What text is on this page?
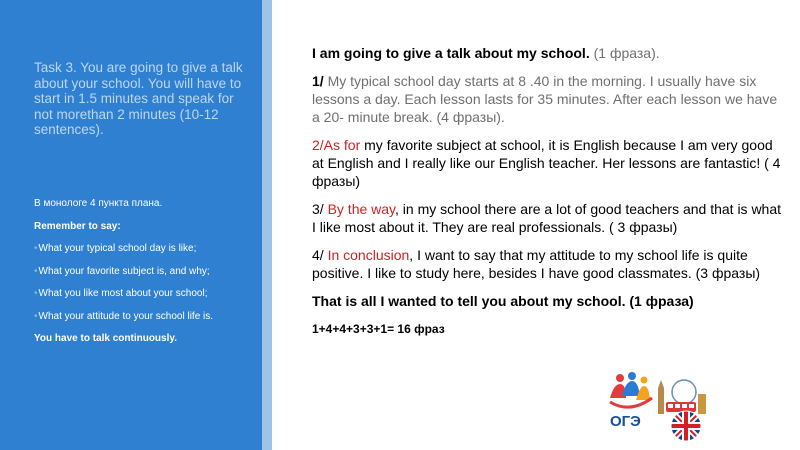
Task 3. You are going to give a talk about your school. You will have to start in 1.5 minutes and speak for not morethan 2 minutes (10-12 sentences).

В монологе 4 пункта плана.

Remember to say:

•What your typical school day is like;

•What your favorite subject is, and why;

•What you like most about your school;

•What your attitude to your school life is.

You have to talk continuously.

I am going to give a talk about my school. (1 фраза).

1/ My typical school day starts at 8 .40 in the morning. I usually have six lessons a day. Each lesson lasts for 35 minutes. After each lesson we have a 20- minute break. (4 фразы).

2/As for my favorite subject at school, it is English because I am very good at English and I really like our English teacher. Her lessons are fantastic! ( 4 фразы)

3/ By the way, in my school there are a lot of good teachers and that is what I like most about it. They are real professionals. ( 3 фразы)

4/ In conclusion, I want to say that my attitude to my school life is quite positive. I like to study here, besides I have good classmates. (3 фразы)

That is all I wanted to tell you about my school. (1 фраза)

1+4+4+3+3+1= 16 фраз

ОГЭ
